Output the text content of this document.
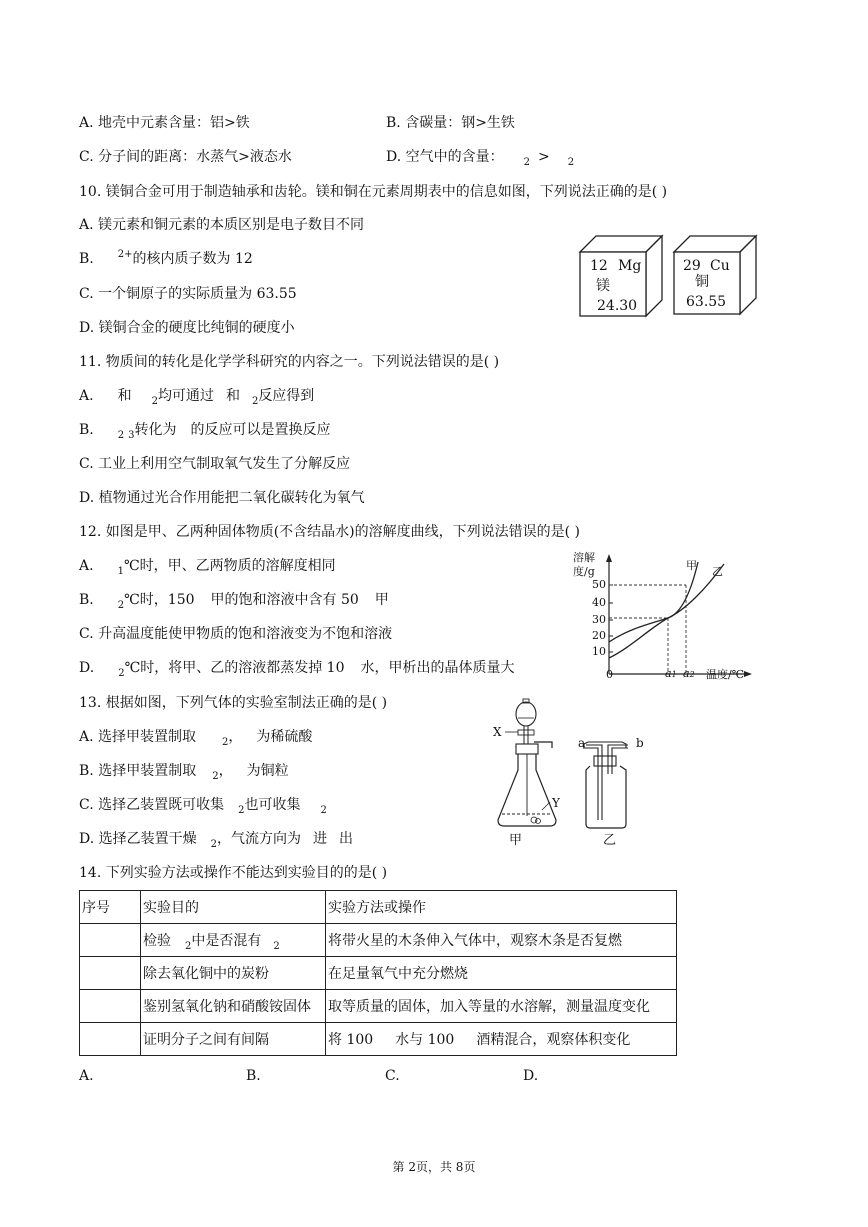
A. 地壳中元素含量：铝>铁	B. 含碳量：钢>生铁
C. 分子间的距离：水蒸气>液态水	D. 空气中的含量： $_2$ > $_2$
10. 镁铜合金可用于制造轴承和齿轮。镁和铜在元素周期表中的信息如图，下列说法正确的是( )
A. 镁元素和铜元素的本质区别是电子数目不同
B. $^{2+}$的核内质子数为 12
C. 一个铜原子的实际质量为 63.55
D. 镁铜合金的硬度比纯铜的硬度小
12 Mg
镁
24.30
29 Cu
铜
63.55
11. 物质间的转化是化学学科研究的内容之一。下列说法错误的是( )
A. 和 $_2$均可通过 和 $_2$反应得到
B. $_2$ $_3$转化为 的反应可以是置换反应
C. 工业上利用空气制取氧气发生了分解反应
D. 植物通过光合作用能把二氧化碳转化为氧气
12. 如图是甲、乙两种固体物质(不含结晶水)的溶解度曲线，下列说法错误的是( )
A. $_1$℃时，甲、乙两物质的溶解度相同
B. $_2$℃时，150 甲的饱和溶液中含有 50 甲
C. 升高温度能使甲物质的饱和溶液变为不饱和溶液
D. $_2$℃时，将甲、乙的溶液都蒸发掉 10 水，甲析出的晶体质量大
溶解
度/g
50
40
30
20
10
0	a1 a2 温度/℃
甲 乙
13. 根据如图，下列气体的实验室制法正确的是( )
A. 选择甲装置制取	$_2$， 为稀硫酸
B. 选择甲装置制取 $_2$， 为铜粒
C. 选择乙装置既可收集 $_2$也可收集 $_2$
D. 选择乙装置干燥 $_2$，气流方向为 进 出
X
Y
a	b
甲	乙
14. 下列实验方法或操作不能达到实验目的的是( )
序号	实验目的	实验方法或操作
	检验 $_2$中是否混有 $_2$	将带火星的木条伸入气体中，观察木条是否复燃
	除去氧化铜中的炭粉	在足量氧气中充分燃烧
	鉴别氢氧化钠和硝酸铵固体	取等质量的固体，加入等量的水溶解，测量温度变化
	证明分子之间有间隔	将 100 水与 100 酒精混合，观察体积变化
A.	B.	C.	D.
第 2页，共 8页
